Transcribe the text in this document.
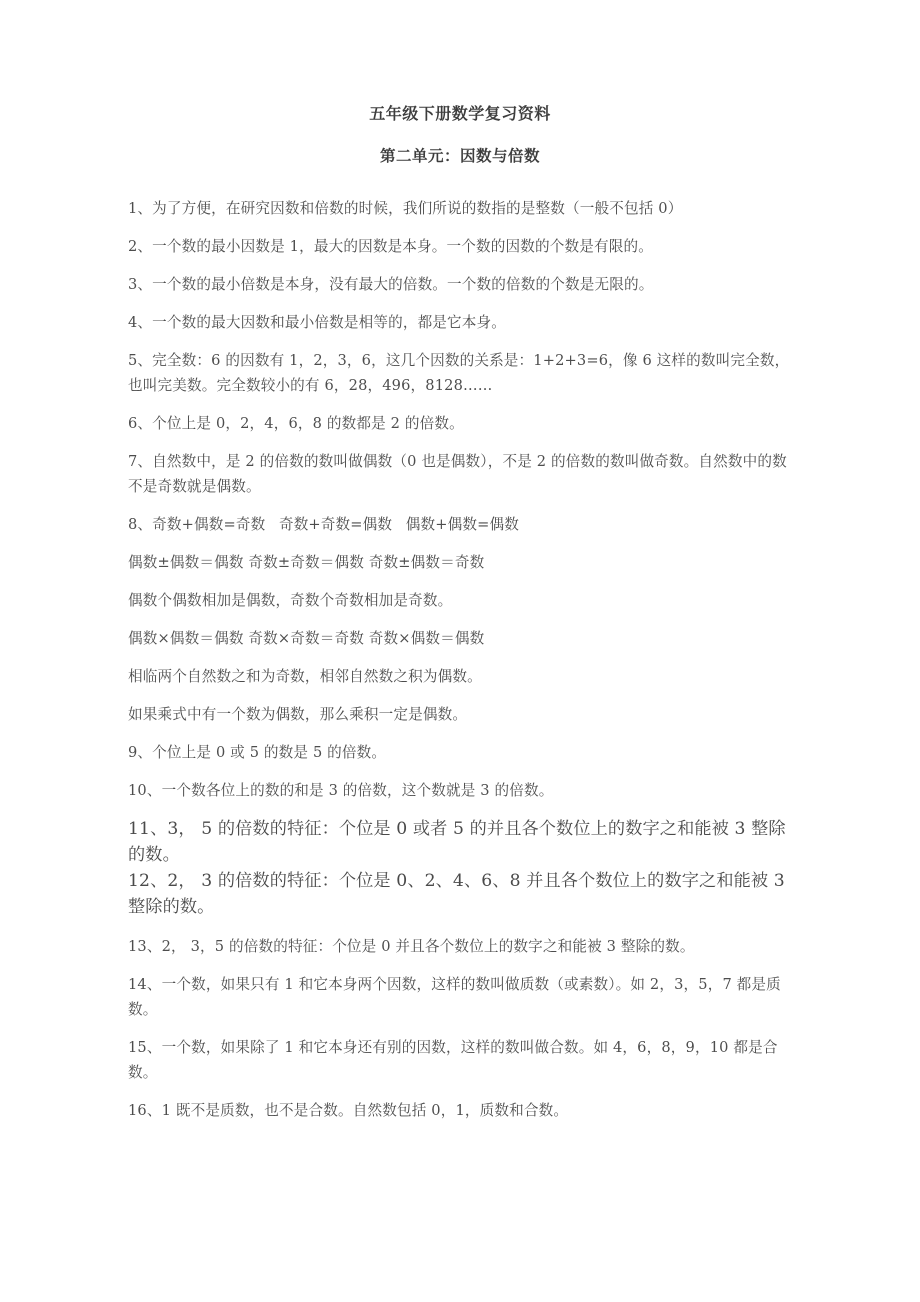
五年级下册数学复习资料
第二单元：因数与倍数

1、为了方便，在研究因数和倍数的时候，我们所说的数指的是整数（一般不包括 0）

2、一个数的最小因数是 1，最大的因数是本身。一个数的因数的个数是有限的。

3、一个数的最小倍数是本身，没有最大的倍数。一个数的倍数的个数是无限的。

4、一个数的最大因数和最小倍数是相等的，都是它本身。

5、完全数：6 的因数有 1，2，3，6，这几个因数的关系是：1+2+3=6，像 6 这样的数叫完全数，也叫完美数。完全数较小的有 6，28，496，8128……

6、个位上是 0，2，4，6，8 的数都是 2 的倍数。

7、自然数中，是 2 的倍数的数叫做偶数（0 也是偶数），不是 2 的倍数的数叫做奇数。自然数中的数不是奇数就是偶数。

8、奇数+偶数=奇数 奇数+奇数=偶数 偶数+偶数=偶数

偶数±偶数＝偶数 奇数±奇数＝偶数 奇数±偶数＝奇数

偶数个偶数相加是偶数，奇数个奇数相加是奇数。

偶数×偶数＝偶数 奇数×奇数＝奇数 奇数×偶数＝偶数

相临两个自然数之和为奇数，相邻自然数之积为偶数。

如果乘式中有一个数为偶数，那么乘积一定是偶数。

9、个位上是 0 或 5 的数是 5 的倍数。

10、一个数各位上的数的和是 3 的倍数，这个数就是 3 的倍数。

11、3， 5 的倍数的特征：个位是 0 或者 5 的并且各个数位上的数字之和能被 3 整除的数。

12、2， 3 的倍数的特征：个位是 0、2、4、6、8 并且各个数位上的数字之和能被 3 整除的数。

13、2， 3，5 的倍数的特征：个位是 0 并且各个数位上的数字之和能被 3 整除的数。

14、一个数，如果只有 1 和它本身两个因数，这样的数叫做质数（或素数）。如 2，3，5，7 都是质数。

15、一个数，如果除了 1 和它本身还有别的因数，这样的数叫做合数。如 4，6，8，9，10 都是合数。

16、1 既不是质数，也不是合数。自然数包括 0，1，质数和合数。
